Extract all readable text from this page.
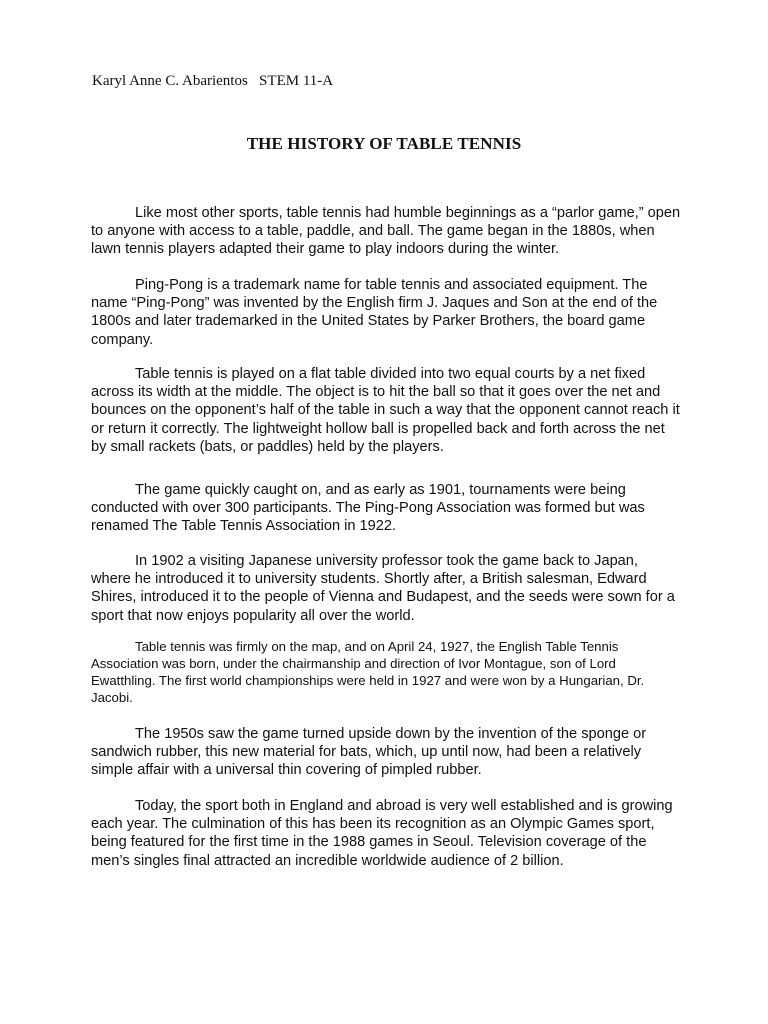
Karyl Anne C. Abarientos   STEM 11-A
THE HISTORY OF TABLE TENNIS
Like most other sports, table tennis had humble beginnings as a “parlor game,” open to anyone with access to a table, paddle, and ball. The game began in the 1880s, when lawn tennis players adapted their game to play indoors during the winter.
Ping-Pong is a trademark name for table tennis and associated equipment. The name “Ping-Pong” was invented by the English firm J. Jaques and Son at the end of the 1800s and later trademarked in the United States by Parker Brothers, the board game company.
Table tennis is played on a flat table divided into two equal courts by a net fixed across its width at the middle. The object is to hit the ball so that it goes over the net and bounces on the opponent’s half of the table in such a way that the opponent cannot reach it or return it correctly. The lightweight hollow ball is propelled back and forth across the net by small rackets (bats, or paddles) held by the players.
The game quickly caught on, and as early as 1901, tournaments were being conducted with over 300 participants. The Ping-Pong Association was formed but was renamed The Table Tennis Association in 1922.
In 1902 a visiting Japanese university professor took the game back to Japan, where he introduced it to university students. Shortly after, a British salesman, Edward Shires, introduced it to the people of Vienna and Budapest, and the seeds were sown for a sport that now enjoys popularity all over the world.
Table tennis was firmly on the map, and on April 24, 1927, the English Table Tennis Association was born, under the chairmanship and direction of Ivor Montague, son of Lord Ewatthling. The first world championships were held in 1927 and were won by a Hungarian, Dr. Jacobi.
The 1950s saw the game turned upside down by the invention of the sponge or sandwich rubber, this new material for bats, which, up until now, had been a relatively simple affair with a universal thin covering of pimpled rubber.
Today, the sport both in England and abroad is very well established and is growing each year. The culmination of this has been its recognition as an Olympic Games sport, being featured for the first time in the 1988 games in Seoul. Television coverage of the men’s singles final attracted an incredible worldwide audience of 2 billion.
